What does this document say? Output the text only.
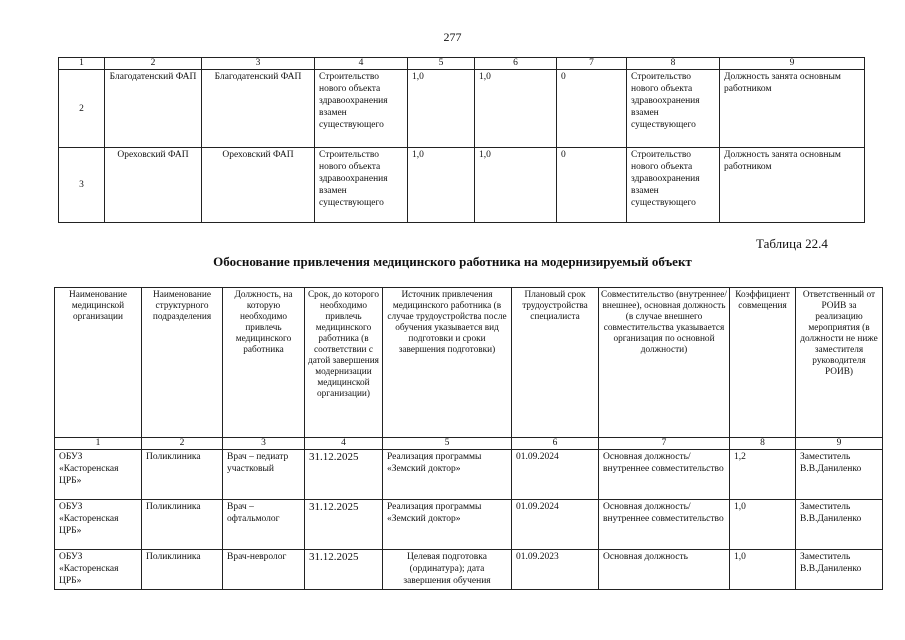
277
1	2	3	4	5	6	7	8	9
2	Благодатенский ФАП	Благодатенский ФАП	Строительство нового объекта здравоохранения взамен существующего	1,0	1,0	0	Строительство нового объекта здравоохранения взамен существующего	Должность занята основным работником
3	Ореховский ФАП	Ореховский ФАП	Строительство нового объекта здравоохранения взамен существующего	1,0	1,0	0	Строительство нового объекта здравоохранения взамен существующего	Должность занята основным работником
Таблица 22.4
Обоснование привлечения медицинского работника на модернизируемый объект
Наименование медицинской организации	Наименование структурного подразделения	Должность, на которую необходимо привлечь медицинского работника	Срок, до которого необходимо привлечь медицинского работника (в соответствии с датой завершения модернизации медицинской организации)	Источник привлечения медицинского работника (в случае трудоустройства после обучения указывается вид подготовки и сроки завершения подготовки)	Плановый срок трудоустройства специалиста	Совместительство (внутреннее/внешнее), основная должность (в случае внешнего совместительства указывается организация по основной должности)	Коэффициент совмещения	Ответственный от РОИВ за реализацию мероприятия (в должности не ниже заместителя руководителя РОИВ)
1	2	3	4	5	6	7	8	9
ОБУЗ «Касторенская ЦРБ»	Поликлиника	Врач – педиатр участковый	31.12.2025	Реализация программы «Земский доктор»	01.09.2024	Основная должность/внутреннее совместительство	1,2	Заместитель В.В.Даниленко
ОБУЗ «Касторенская ЦРБ»	Поликлиника	Врач – офтальмолог	31.12.2025	Реализация программы «Земский доктор»	01.09.2024	Основная должность/внутреннее совместительство	1,0	Заместитель В.В.Даниленко
ОБУЗ «Касторенская ЦРБ»	Поликлиника	Врач-невролог	31.12.2025	Целевая подготовка (ординатура); дата завершения обучения	01.09.2023	Основная должность	1,0	Заместитель В.В.Даниленко
